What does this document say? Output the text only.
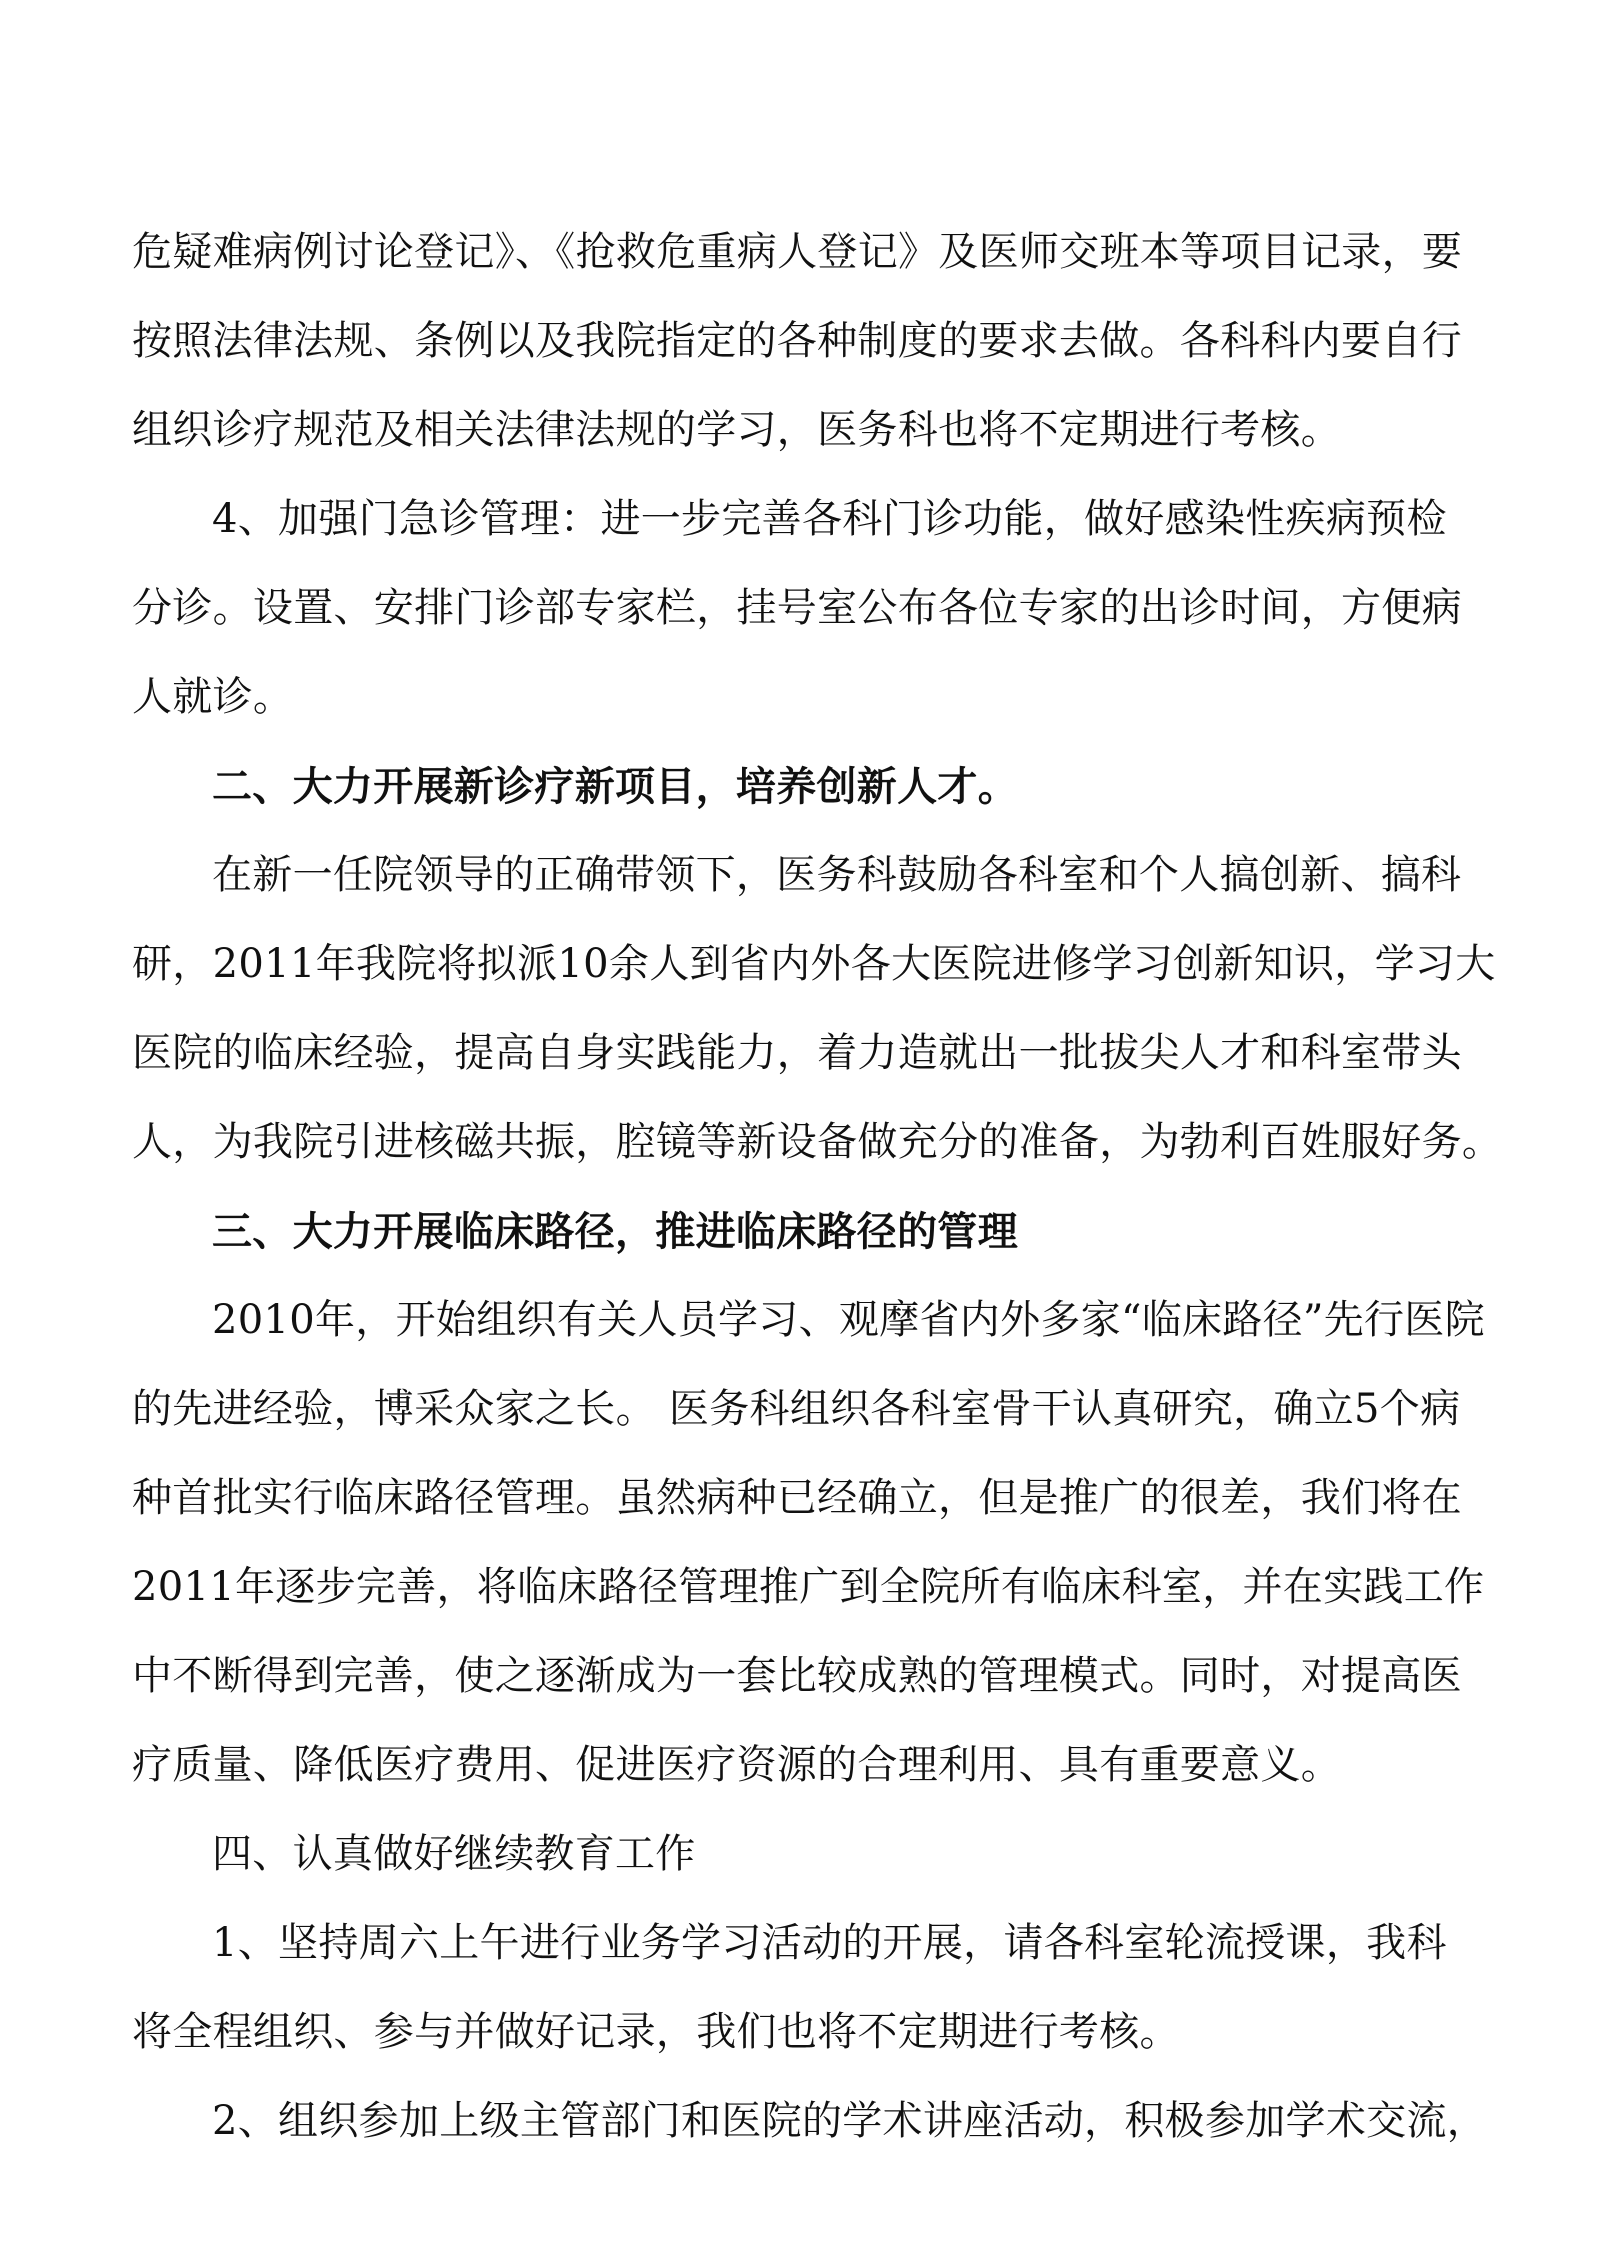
危疑难病例讨论登记》、《抢救危重病人登记》及医师交班本等项目记录，要
按照法律法规、条例以及我院指定的各种制度的要求去做。各科科内要自行
组织诊疗规范及相关法律法规的学习，医务科也将不定期进行考核。
4、加强门急诊管理：进一步完善各科门诊功能，做好感染性疾病预检
分诊。设置、安排门诊部专家栏，挂号室公布各位专家的出诊时间，方便病
人就诊。
二、大力开展新诊疗新项目，培养创新人才。
在新一任院领导的正确带领下，医务科鼓励各科室和个人搞创新、搞科
研，2011年我院将拟派10余人到省内外各大医院进修学习创新知识，学习大
医院的临床经验，提高自身实践能力，着力造就出一批拔尖人才和科室带头
人，为我院引进核磁共振，腔镜等新设备做充分的准备，为勃利百姓服好务。
三、大力开展临床路径，推进临床路径的管理
2010年，开始组织有关人员学习、观摩省内外多家“临床路径”先行医院
的先进经验，博采众家之长。 医务科组织各科室骨干认真研究，确立5个病
种首批实行临床路径管理。虽然病种已经确立，但是推广的很差，我们将在
2011年逐步完善，将临床路径管理推广到全院所有临床科室，并在实践工作
中不断得到完善，使之逐渐成为一套比较成熟的管理模式。同时，对提高医
疗质量、降低医疗费用、促进医疗资源的合理利用、具有重要意义。
四、认真做好继续教育工作
1、坚持周六上午进行业务学习活动的开展，请各科室轮流授课，我科
将全程组织、参与并做好记录，我们也将不定期进行考核。
2、组织参加上级主管部门和医院的学术讲座活动，积极参加学术交流，
